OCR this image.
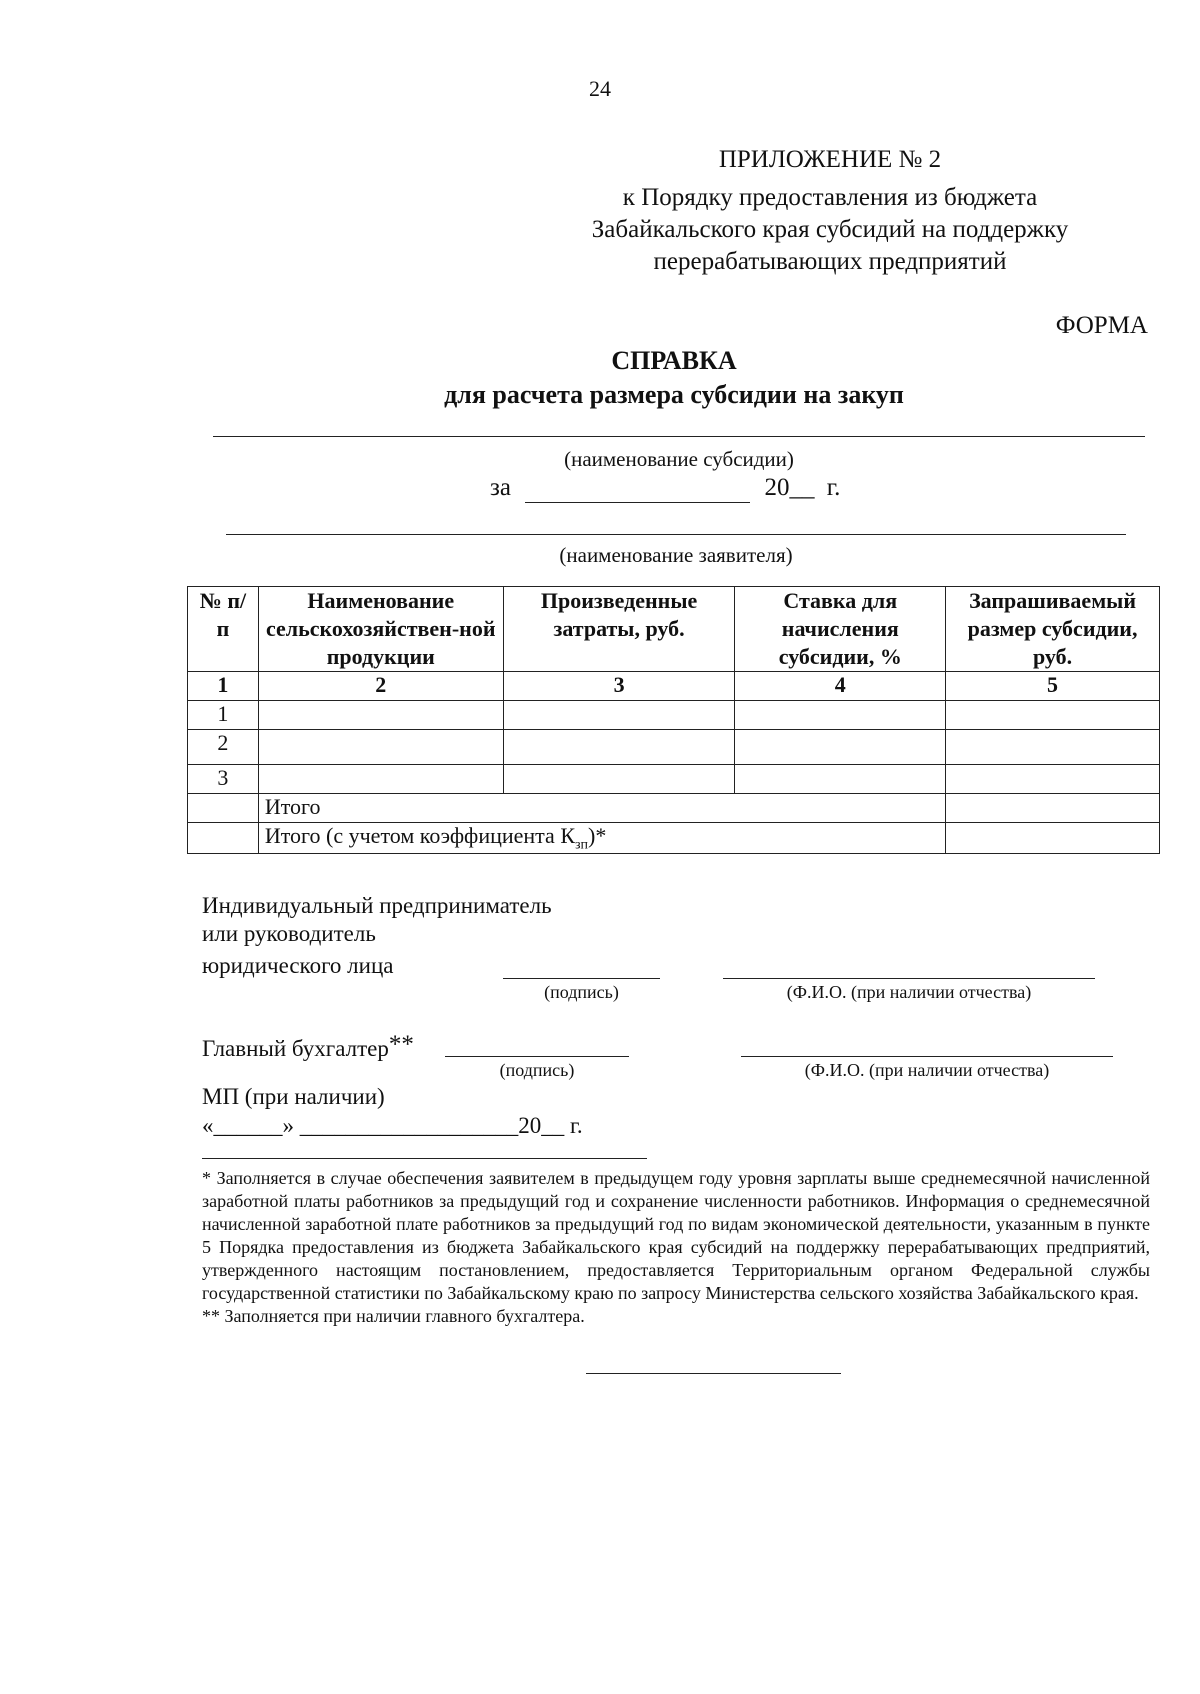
24
ПРИЛОЖЕНИЕ № 2
к Порядку предоставления из бюджета
Забайкальского края субсидий на поддержку
перерабатывающих предприятий
ФОРМА
СПРАВКА
для расчета размера субсидии на закуп
(наименование субсидии)
за	20__ г.
(наименование заявителя)
№ п/п	Наименование сельскохозяйствен-ной продукции	Произведенные затраты, руб.	Ставка для начисления субсидии, %	Запрашиваемый размер субсидии, руб.
1	2	3	4	5
1				
2				
3				
	Итого			
	Итого (с учетом коэффициента $К_{зп})*$			
Индивидуальный предприниматель
или руководитель
юридического лица
(подпись)	(Ф.И.О. (при наличии отчества)
Главный бухгалтер**
(подпись)	(Ф.И.О. (при наличии отчества)
МП (при наличии)
«______» ___________________20__ г.

* Заполняется в случае обеспечения заявителем в предыдущем году уровня зарплаты выше среднемесячной начисленной заработной платы работников за предыдущий год и сохранение численности работников. Информация о среднемесячной начисленной заработной плате работников за предыдущий год по видам экономической деятельности, указанным в пункте 5 Порядка предоставления из бюджета Забайкальского края субсидий на поддержку перерабатывающих предприятий, утвержденного настоящим постановлением, предоставляется Территориальным органом Федеральной службы государственной статистики по Забайкальскому краю по запросу Министерства сельского хозяйства Забайкальского края.

** Заполняется при наличии главного бухгалтера.
